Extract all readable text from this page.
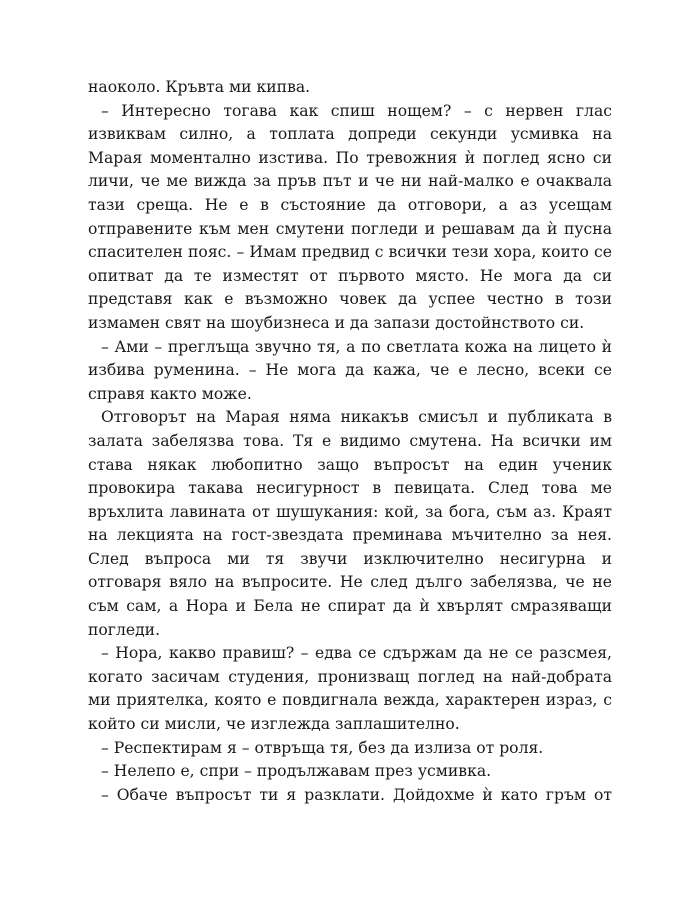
наоколо. Кръвта ми кипва.

– Интересно тогава как спиш нощем? – с нервен глас извиквам силно, а топлата допреди секунди усмивка на Марая моментално изстива. По тревожния ѝ поглед ясно си личи, че ме вижда за пръв път и че ни най-малко е очаквала тази среща. Не е в състояние да отговори, а аз усещам отправените към мен смутени погледи и решавам да ѝ пусна спасителен пояс. – Имам предвид с всички тези хора, които се опитват да те изместят от първото място. Не мога да си представя как е възможно човек да успее честно в този измамен свят на шоубизнеса и да запази достойнството си.

– Ами – преглъща звучно тя, а по светлата кожа на лицето ѝ избива руменина. – Не мога да кажа, че е лесно, всеки се справя както може.

Отговорът на Марая няма никакъв смисъл и публиката в залата забелязва това. Тя е видимо смутена. На всички им става някак любопитно защо въпросът на един ученик провокира такава несигурност в певицата. След това ме връхлита лавината от шушукания: кой, за бога, съм аз. Краят на лекцията на гост-звездата преминава мъчително за нея. След въпроса ми тя звучи изключително несигурна и отговаря вяло на въпросите. Не след дълго забелязва, че не съм сам, а Нора и Бела не спират да ѝ хвърлят смразяващи погледи.

– Нора, какво правиш? – едва се сдържам да не се разсмея, когато засичам студения, пронизващ поглед на най-добрата ми приятелка, която е повдигнала вежда, характерен израз, с който си мисли, че изглежда заплашително.

– Респектирам я – отвръща тя, без да излиза от роля.

– Нелепо е, спри – продължавам през усмивка.

– Обаче въпросът ти я разклати. Дойдохме ѝ като гръм от
